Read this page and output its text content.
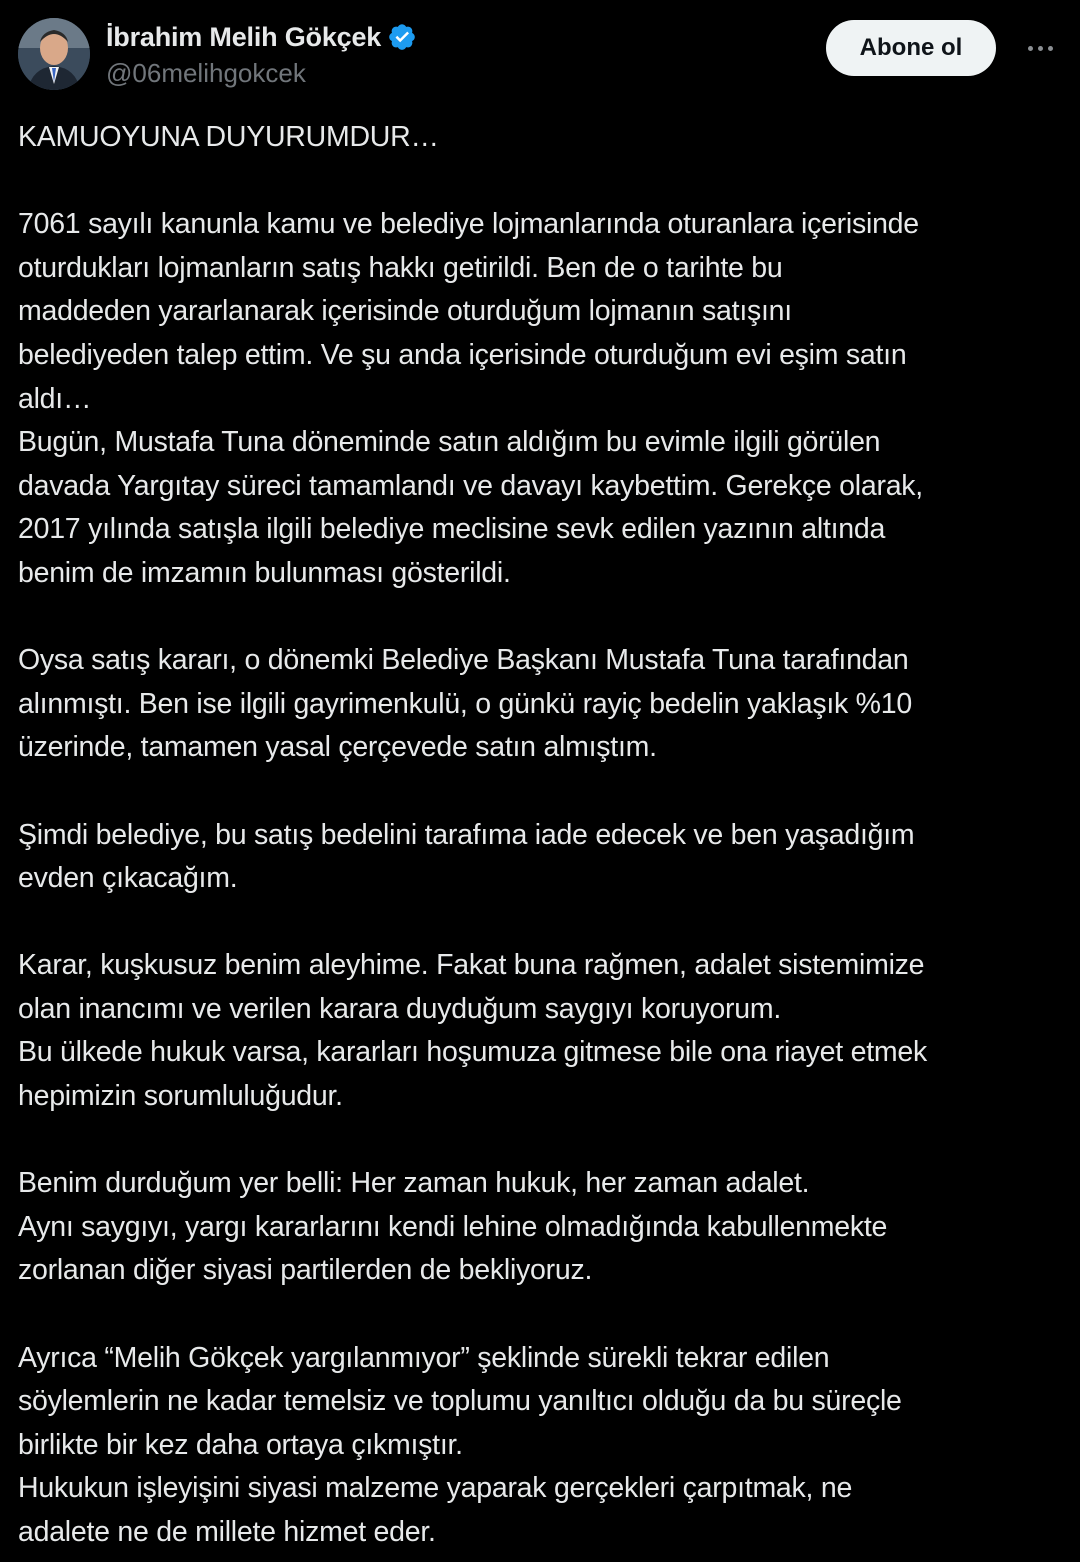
İbrahim Melih Gökçek
@06melihgokcek
Abone ol
KAMUOYUNA DUYURUMDUR…
7061 sayılı kanunla kamu ve belediye lojmanlarında oturanlara içerisinde
oturdukları lojmanların satış hakkı getirildi. Ben de o tarihte bu
maddeden yararlanarak içerisinde oturduğum lojmanın satışını
belediyeden talep ettim. Ve şu anda içerisinde oturduğum evi eşim satın
aldı…
Bugün, Mustafa Tuna döneminde satın aldığım bu evimle ilgili görülen
davada Yargıtay süreci tamamlandı ve davayı kaybettim. Gerekçe olarak,
2017 yılında satışla ilgili belediye meclisine sevk edilen yazının altında
benim de imzamın bulunması gösterildi.
Oysa satış kararı, o dönemki Belediye Başkanı Mustafa Tuna tarafından
alınmıştı. Ben ise ilgili gayrimenkulü, o günkü rayiç bedelin yaklaşık %10
üzerinde, tamamen yasal çerçevede satın almıştım.
Şimdi belediye, bu satış bedelini tarafıma iade edecek ve ben yaşadığım
evden çıkacağım.
Karar, kuşkusuz benim aleyhime. Fakat buna rağmen, adalet sistemimize
olan inancımı ve verilen karara duyduğum saygıyı koruyorum.
Bu ülkede hukuk varsa, kararları hoşumuza gitmese bile ona riayet etmek
hepimizin sorumluluğudur.
Benim durduğum yer belli: Her zaman hukuk, her zaman adalet.
Aynı saygıyı, yargı kararlarını kendi lehine olmadığında kabullenmekte
zorlanan diğer siyasi partilerden de bekliyoruz.
Ayrıca “Melih Gökçek yargılanmıyor” şeklinde sürekli tekrar edilen
söylemlerin ne kadar temelsiz ve toplumu yanıltıcı olduğu da bu süreçle
birlikte bir kez daha ortaya çıkmıştır.
Hukukun işleyişini siyasi malzeme yaparak gerçekleri çarpıtmak, ne
adalete ne de millete hizmet eder.
